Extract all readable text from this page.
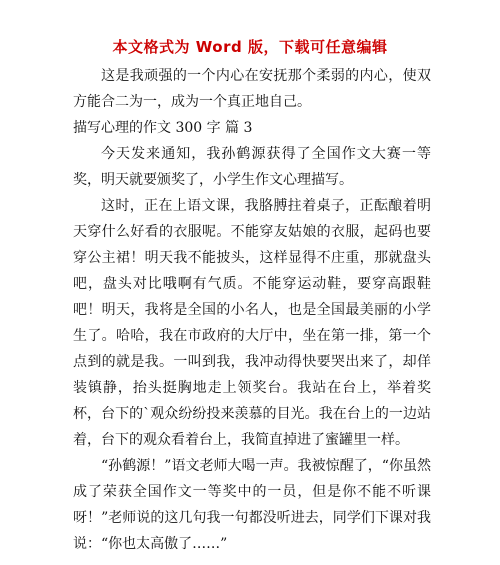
本文格式为 Word 版，下载可任意编辑

这是我顽强的一个内心在安抚那个柔弱的内心，使双方能合二为一，成为一个真正地自己。

描写心理的作文 300 字 篇 3

今天发来通知，我孙鹤源获得了全国作文大赛一等奖，明天就要颁奖了，小学生作文心理描写。

这时，正在上语文课，我胳膊拄着桌子，正酝酿着明天穿什么好看的衣服呢。不能穿友姑娘的衣服，起码也要穿公主裙！明天我不能披头，这样显得不庄重，那就盘头吧，盘头对比哦啊有气质。不能穿运动鞋，要穿高跟鞋吧！明天，我将是全国的小名人，也是全国最美丽的小学生了。哈哈，我在市政府的大厅中，坐在第一排，第一个点到的就是我。一叫到我，我冲动得快要哭出来了，却佯装镇静，抬头挺胸地走上领奖台。我站在台上，举着奖杯，台下的`观众纷纷投来羡慕的目光。我在台上的一边站着，台下的观众看着台上，我简直掉进了蜜罐里一样。

“孙鹤源！”语文老师大喝一声。我被惊醒了，“你虽然成了荣获全国作文一等奖中的一员，但是你不能不听课呀！”老师说的这几句我一句都没听进去，同学们下课对我说：“你也太高傲了……”
